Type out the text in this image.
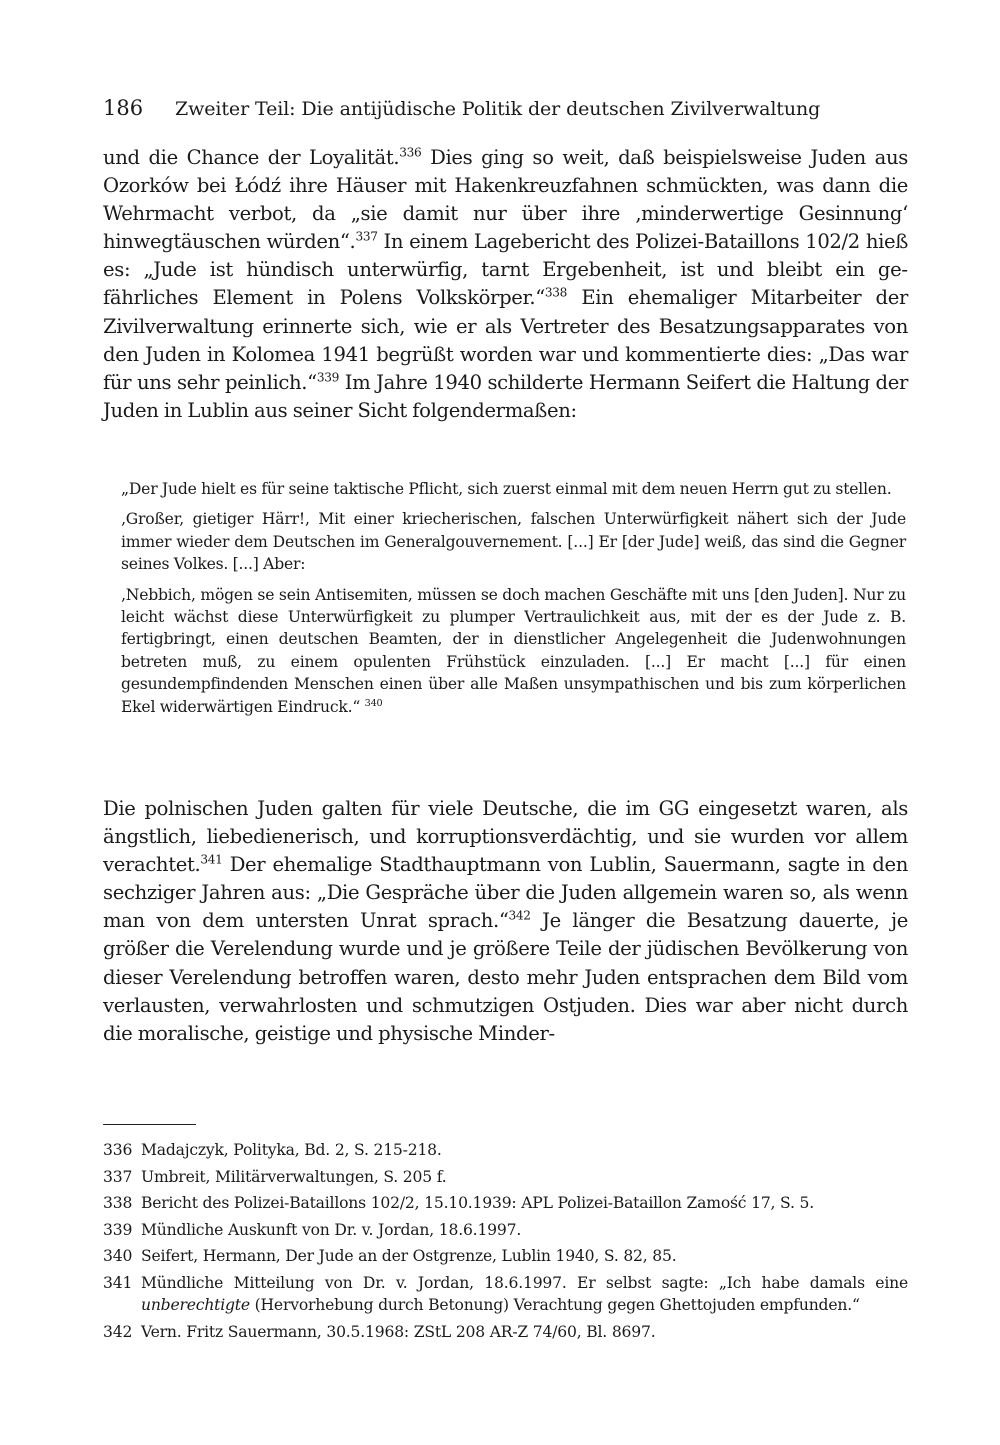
186 Zweiter Teil: Die antijüdische Politik der deutschen Zivilverwaltung
und die Chance der Loyalität.$^{336}$ Dies ging so weit, daß beispielsweise Juden aus Ozorków bei Łódź ihre Häuser mit Hakenkreuzfahnen schmückten, was dann die Wehrmacht verbot, da „sie damit nur über ihre ‚minderwertige Gesinnung‘ hinwegtäuschen würden“.$^{337}$ In einem Lagebericht des Polizei-Bataillons 102/2 hieß es: „Jude ist hündisch unterwürfig, tarnt Ergebenheit, ist und bleibt ein gefährliches Element in Polens Volkskörper.“$^{338}$ Ein ehemaliger Mitarbeiter der Zivilverwaltung erinnerte sich, wie er als Vertreter des Besatzungsapparates von den Juden in Kolomea 1941 begrüßt worden war und kommentierte dies: „Das war für uns sehr peinlich.“$^{339}$ Im Jahre 1940 schilderte Hermann Seifert die Haltung der Juden in Lublin aus seiner Sicht folgendermaßen:

„Der Jude hielt es für seine taktische Pflicht, sich zuerst einmal mit dem neuen Herrn gut zu stellen.

‚Großer, gietiger Härr!, Mit einer kriecherischen, falschen Unterwürfigkeit nähert sich der Jude immer wieder dem Deutschen im Generalgouvernement. [...] Er [der Jude] weiß, das sind die Gegner seines Volkes. [...] Aber:

‚Nebbich, mögen se sein Antisemiten, müssen se doch machen Geschäfte mit uns [den Juden]. Nur zu leicht wächst diese Unterwürfigkeit zu plumper Vertraulichkeit aus, mit der es der Jude z. B. fertigbringt, einen deutschen Beamten, der in dienstlicher Angelegenheit die Judenwohnungen betreten muß, zu einem opulenten Frühstück einzuladen. [...] Er macht [...] für einen gesundempfindenden Menschen einen über alle Maßen unsympathischen und bis zum körperlichen Ekel widerwärtigen Eindruck.“ $^{340}$

Die polnischen Juden galten für viele Deutsche, die im GG eingesetzt waren, als ängstlich, liebedienerisch, und korruptionsverdächtig, und sie wurden vor allem verachtet.$^{341}$ Der ehemalige Stadthauptmann von Lublin, Sauermann, sagte in den sechziger Jahren aus: „Die Gespräche über die Juden allgemein waren so, als wenn man von dem untersten Unrat sprach.“$^{342}$ Je länger die Besatzung dauerte, je größer die Verelendung wurde und je größere Teile der jüdischen Bevölkerung von dieser Verelendung betroffen waren, desto mehr Juden entsprachen dem Bild vom verlausten, verwahrlosten und schmutzigen Ostjuden. Dies war aber nicht durch die moralische, geistige und physische Minder-
336 Madajczyk, Polityka, Bd. 2, S. 215-218.
337 Umbreit, Militärverwaltungen, S. 205 f.
338 Bericht des Polizei-Bataillons 102/2, 15.10.1939: APL Polizei-Bataillon Zamość 17, S. 5.
339 Mündliche Auskunft von Dr. v. Jordan, 18.6.1997.
340 Seifert, Hermann, Der Jude an der Ostgrenze, Lublin 1940, S. 82, 85.
341 Mündliche Mitteilung von Dr. v. Jordan, 18.6.1997. Er selbst sagte: „Ich habe damals eine unberechtigte (Hervorhebung durch Betonung) Verachtung gegen Ghettojuden empfunden.“
342 Vern. Fritz Sauermann, 30.5.1968: ZStL 208 AR-Z 74/60, Bl. 8697.
